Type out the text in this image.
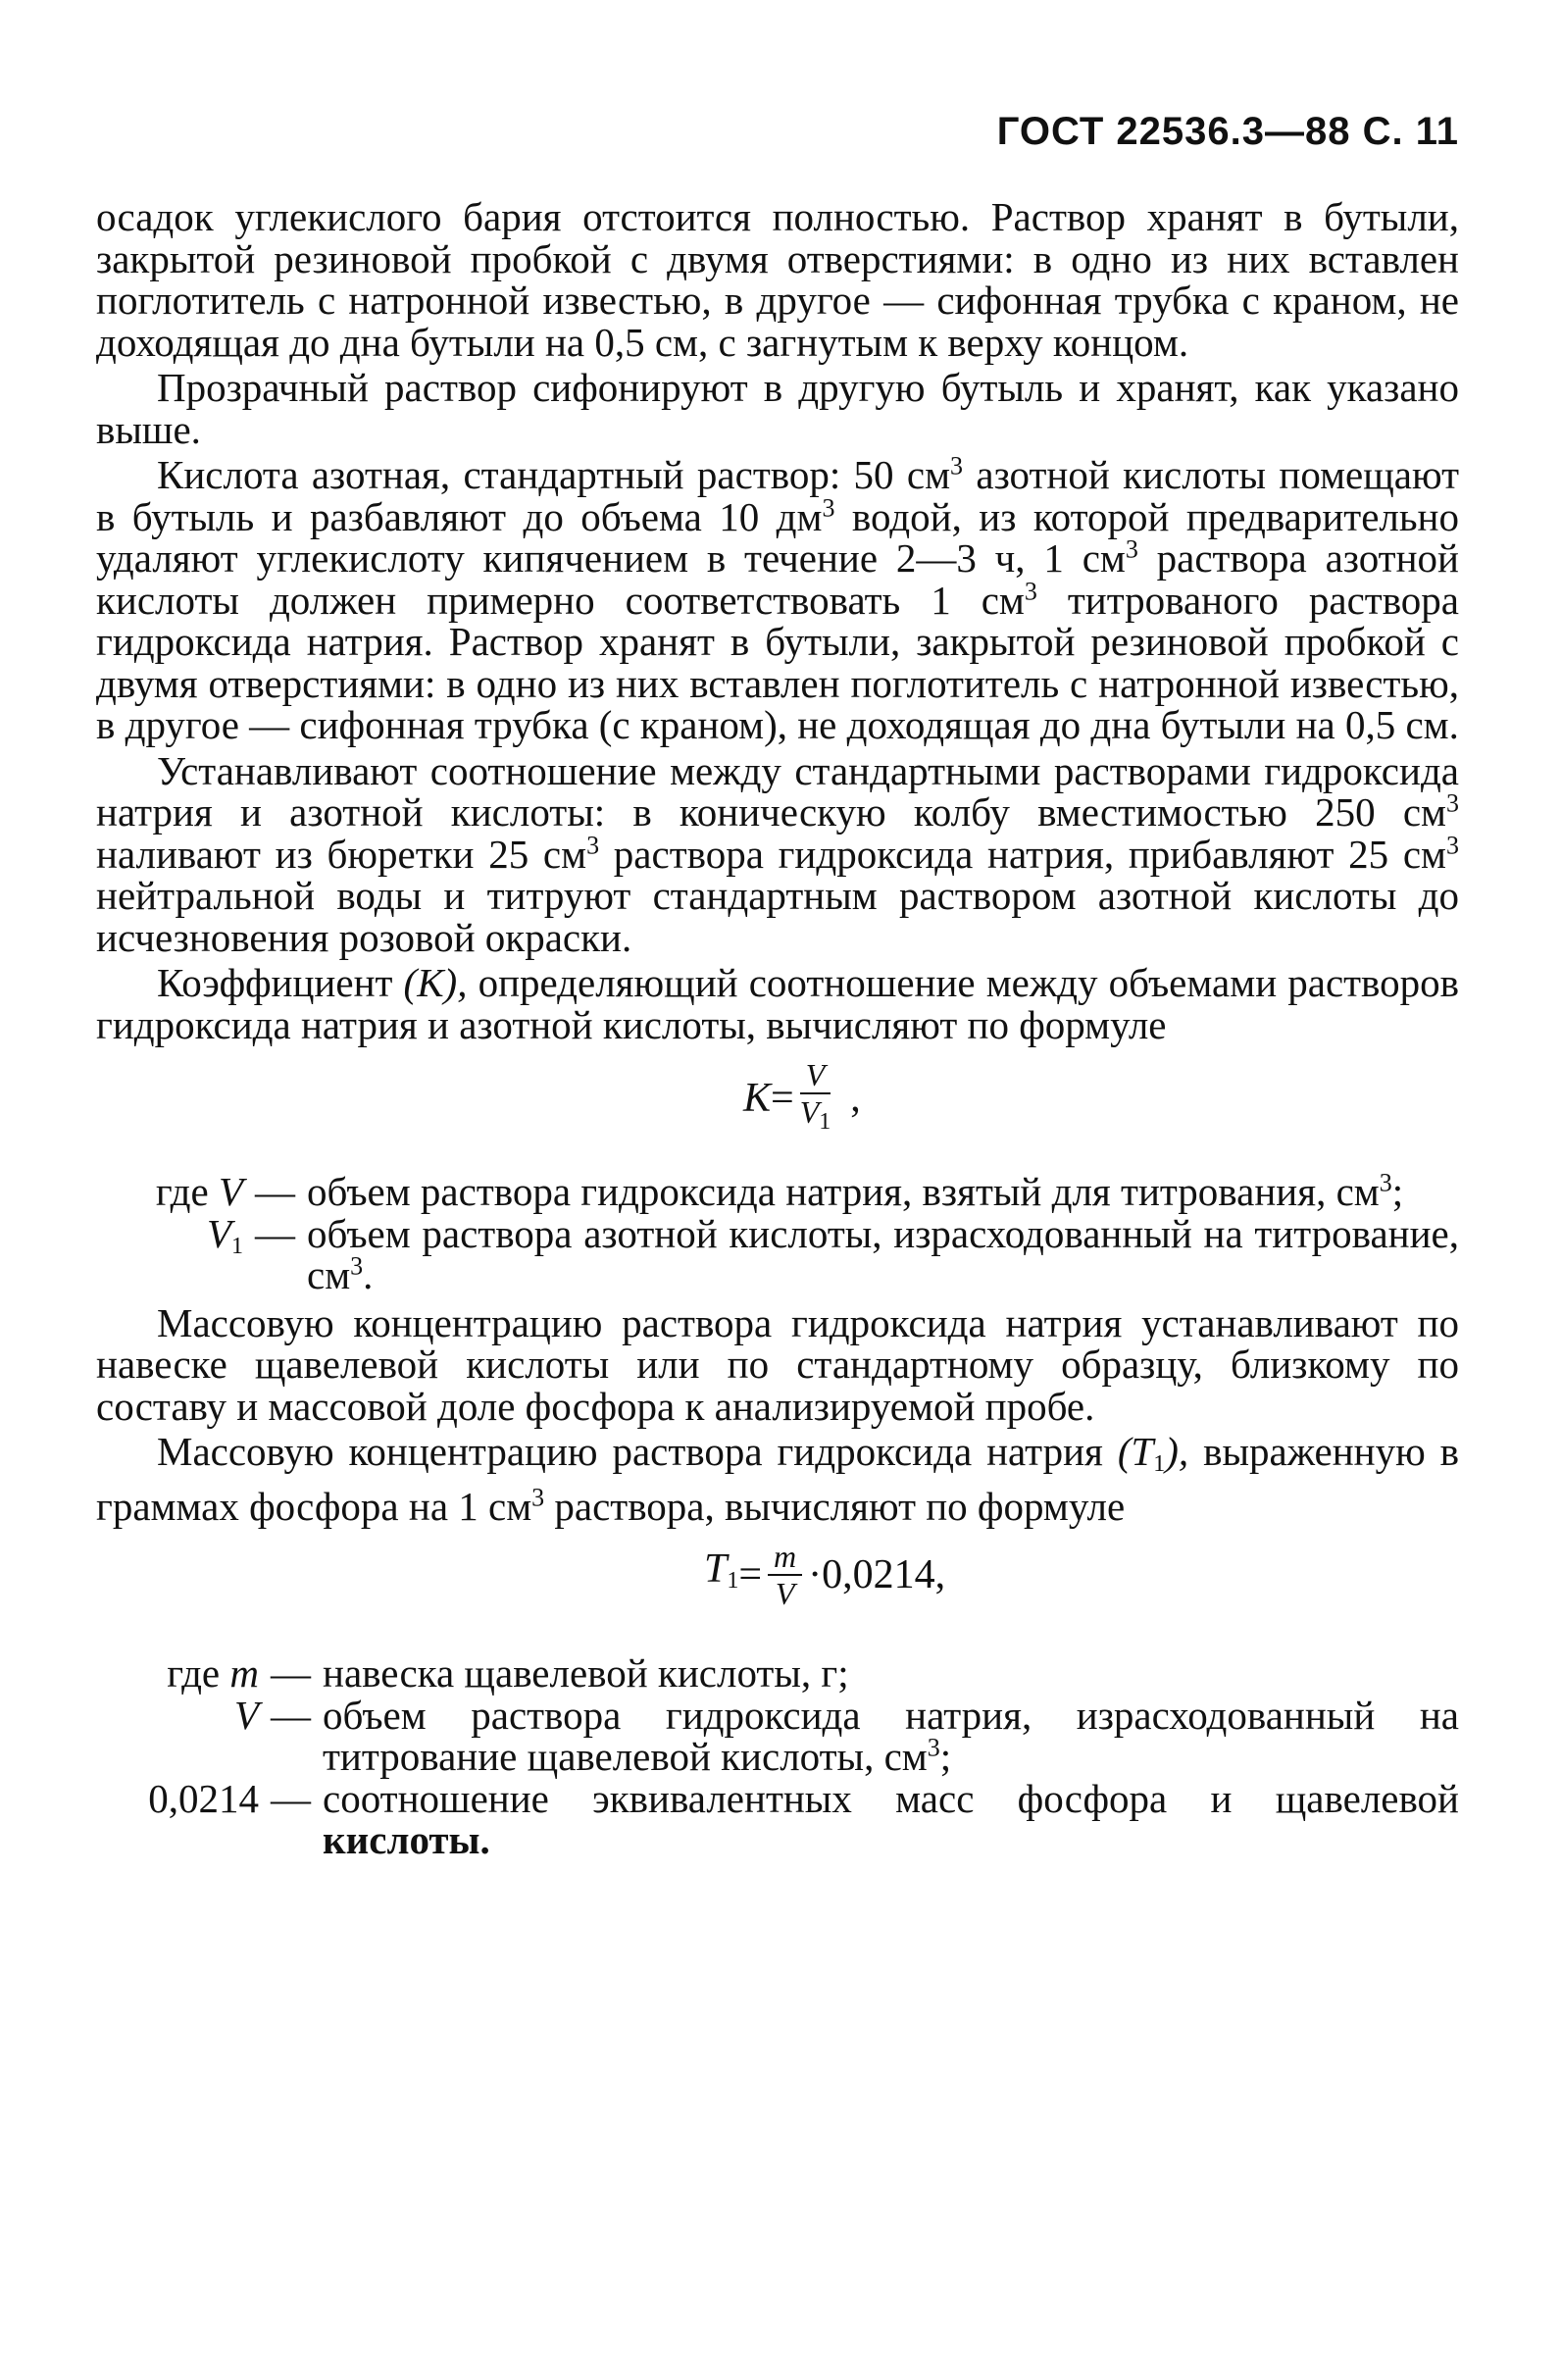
ГОСТ 22536.3—88 С. 11

осадок углекислого бария отстоится полностью. Раствор хранят в бутыли, закрытой резиновой пробкой с двумя отверстиями: в одно из них вставлен поглотитель с натронной известью, в другое — сифонная трубка с краном, не доходящая до дна бутыли на 0,5 см, с загнутым к верху концом.

Прозрачный раствор сифонируют в другую бутыль и хранят, как указано выше.

Кислота азотная, стандартный раствор: 50 $см^3$ азотной кислоты помещают в бутыль и разбавляют до объема 10 $дм^3$ водой, из которой предварительно удаляют углекислоту кипячением в течение 2—3 ч, 1 $см^3$ раствора азотной кислоты должен примерно соответствовать 1 $см^3$ титрованого раствора гидроксида натрия. Раствор хранят в бутыли, закрытой резиновой пробкой с двумя отверстиями: в одно из них вставлен поглотитель с натронной известью, в другое — сифонная трубка (с краном), не доходящая до дна бутыли на 0,5 см.

Устанавливают соотношение между стандартными растворами гидроксида натрия и азотной кислоты: в коническую колбу вместимостью 250 $см^3$ наливают из бюретки 25 $см^3$ раствора гидроксида натрия, прибавляют 25 $см^3$ нейтральной воды и титруют стандартным раствором азотной кислоты до исчезновения розовой окраски.

Коэффициент (K), определяющий соотношение между объемами растворов гидроксида натрия и азотной кислоты, вычисляют по формуле

$K = \frac{V}{V_1}$ ,
где V — объем раствора гидроксида натрия, взятый для титрования, $см^3$;
$V_1$ — объем раствора азотной кислоты, израсходованный на титрование, $см^3$.

Массовую концентрацию раствора гидроксида натрия устанавливают по навеске щавелевой кислоты или по стандартному образцу, близкому по составу и массовой доле фосфора к анализируемой пробе.

Массовую концентрацию раствора гидроксида натрия $(T_1)$, выраженную в граммах фосфора на 1 $см^3$ раствора, вычисляют по формуле

$T_1 = \frac{m}{V} \cdot 0,0214$,
где m — навеска щавелевой кислоты, г;
V — объем раствора гидроксида натрия, израсходованный на титрование щавелевой кислоты, $см^3$;
0,0214 — соотношение эквивалентных масс фосфора и щавелевой кислоты.
